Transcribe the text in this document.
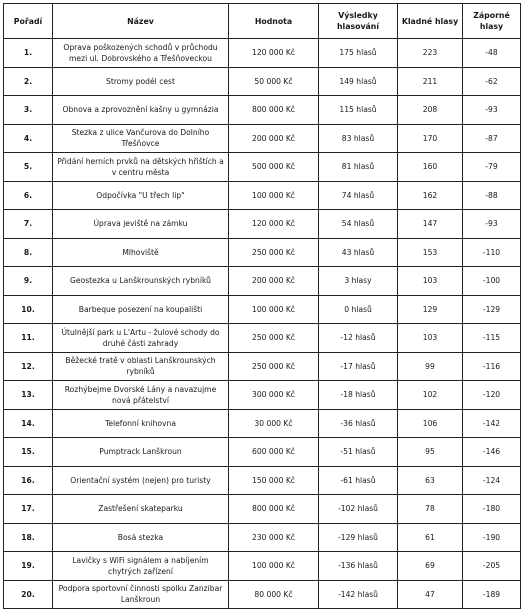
Pořadí	Název	Hodnota	Výsledky hlasování	Kladné hlasy	Záporné hlasy
1.	Oprava poškozených schodů v průchodu mezi ul. Dobrovského a Třešňoveckou	120 000 Kč	175 hlasů	223	-48
2.	Stromy podél cest	50 000 Kč	149 hlasů	211	-62
3.	Obnova a zprovoznění kašny u gymnázia	800 000 Kč	115 hlasů	208	-93
4.	Stezka z ulice Vančurova do Dolního Třešňovce	200 000 Kč	83 hlasů	170	-87
5.	Přidání herních prvků na dětských hřištích a v centru města	500 000 Kč	81 hlasů	160	-79
6.	Odpočívka "U třech lip"	100 000 Kč	74 hlasů	162	-88
7.	Úprava jeviště na zámku	120 000 Kč	54 hlasů	147	-93
8.	Mlhoviště	250 000 Kč	43 hlasů	153	-110
9.	Geostezka u Lanškrounských rybníků	200 000 Kč	3 hlasy	103	-100
10.	Barbeque posezení na koupališti	100 000 Kč	0 hlasů	129	-129
11.	Útulnější park u L'Artu - žulové schody do druhé části zahrady	250 000 Kč	-12 hlasů	103	-115
12.	Běžecké tratě v oblasti Lanškrounských rybníků	250 000 Kč	-17 hlasů	99	-116
13.	Rozhýbejme Dvorské Lány a navazujme nová přátelství	300 000 Kč	-18 hlasů	102	-120
14.	Telefonní knihovna	30 000 Kč	-36 hlasů	106	-142
15.	Pumptrack Lanškroun	600 000 Kč	-51 hlasů	95	-146
16.	Orientační systém (nejen) pro turisty	150 000 Kč	-61 hlasů	63	-124
17.	Zastřešení skateparku	800 000 Kč	-102 hlasů	78	-180
18.	Bosá stezka	230 000 Kč	-129 hlasů	61	-190
19.	Lavičky s WiFi signálem a nabíjením chytrých zařízení	100 000 Kč	-136 hlasů	69	-205
20.	Podpora sportovní činnosti spolku Zanzibar Lanškroun	80 000 Kč	-142 hlasů	47	-189
